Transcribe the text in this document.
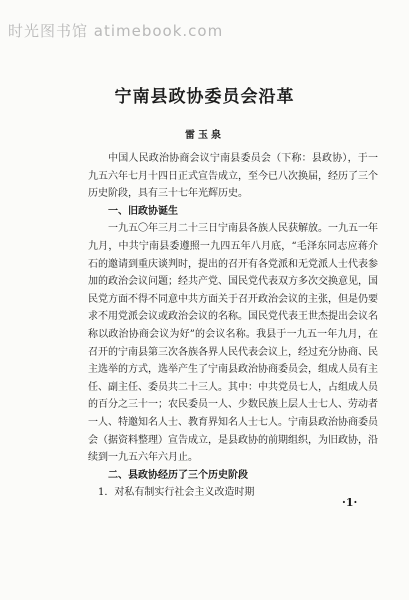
时光图书馆 atimebook.com
宁南县政协委员会沿革
雷玉泉

中国人民政治协商会议宁南县委员会（下称：县政协），于一九五六年七月十四日正式宣告成立，至今已八次换届，经历了三个历史阶段，具有三十七年光辉历史。

一、旧政协诞生

一九五〇年三月二十三日宁南县各族人民获解放。一九五一年九月，中共宁南县委遵照一九四五年八月底，“毛泽东同志应蒋介石的邀请到重庆谈判时，提出的召开有各党派和无党派人士代表参加的政治会议问题；经共产党、国民党代表双方多次交换意见，国民党方面不得不同意中共方面关于召开政治会议的主张，但是仍要求不用党派会议或政治会议的名称。国民党代表王世杰提出会议名称以政治协商会议为好”的会议名称。我县于一九五一年九月，在召开的宁南县第三次各族各界人民代表会议上，经过充分协商、民主选举的方式，选举产生了宁南县政治协商委员会，组成人员有主任、副主任、委员共二十三人。其中：中共党员七人，占组成人员的百分之三十一；农民委员一人、少数民族上层人士七人、劳动者一人、特邀知名人士、教育界知名人士七人。宁南县政治协商委员会（据资料整理）宣告成立，是县政协的前期组织，为旧政协，沿续到一九五六年六月止。

二、县政协经历了三个历史阶段

1．对私有制实行社会主义改造时期

·1·
